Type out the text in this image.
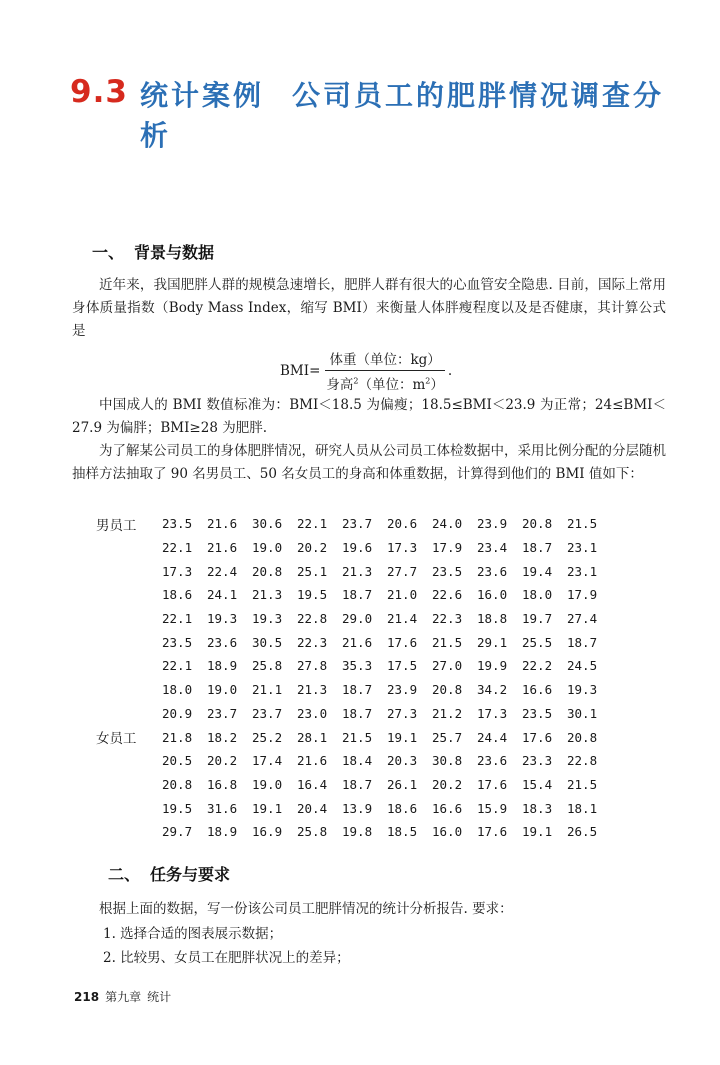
9.3 统计案例 公司员工的肥胖情况调查分析
一、 背景与数据

近年来，我国肥胖人群的规模急速增长，肥胖人群有很大的心血管安全隐患. 目前，国际上常用身体质量指数（Body Mass Index，缩写 BMI）来衡量人体胖瘦程度以及是否健康，其计算公式是

$BMI= \frac{\text{体重（单位：kg）}}{身高^2(单位:m^2)}$ .

中国成人的 BMI 数值标准为：BMI＜18.5 为偏瘦；18.5≤BMI＜23.9 为正常；24≤BMI＜27.9 为偏胖；BMI≥28 为肥胖.

为了解某公司员工的身体肥胖情况，研究人员从公司员工体检数据中，采用比例分配的分层随机抽样方法抽取了 90 名男员工、50 名女员工的身高和体重数据，计算得到他们的 BMI 值如下：

男员工	23.5	21.6	30.6	22.1	23.7	20.6	24.0	23.9	20.8	21.5
	22.1	21.6	19.0	20.2	19.6	17.3	17.9	23.4	18.7	23.1
	17.3	22.4	20.8	25.1	21.3	27.7	23.5	23.6	19.4	23.1
	18.6	24.1	21.3	19.5	18.7	21.0	22.6	16.0	18.0	17.9
	22.1	19.3	19.3	22.8	29.0	21.4	22.3	18.8	19.7	27.4
	23.5	23.6	30.5	22.3	21.6	17.6	21.5	29.1	25.5	18.7
	22.1	18.9	25.8	27.8	35.3	17.5	27.0	19.9	22.2	24.5
	18.0	19.0	21.1	21.3	18.7	23.9	20.8	34.2	16.6	19.3
	20.9	23.7	23.7	23.0	18.7	27.3	21.2	17.3	23.5	30.1
女员工	21.8	18.2	25.2	28.1	21.5	19.1	25.7	24.4	17.6	20.8
	20.5	20.2	17.4	21.6	18.4	20.3	30.8	23.6	23.3	22.8
	20.8	16.8	19.0	16.4	18.7	26.1	20.2	17.6	15.4	21.5
	19.5	31.6	19.1	20.4	13.9	18.6	16.6	15.9	18.3	18.1
	29.7	18.9	16.9	25.8	19.8	18.5	16.0	17.6	19.1	26.5
二、 任务与要求

根据上面的数据，写一份该公司员工肥胖情况的统计分析报告. 要求：

1. 选择合适的图表展示数据；

2. 比较男、女员工在肥胖状况上的差异；

218 第九章 统计
